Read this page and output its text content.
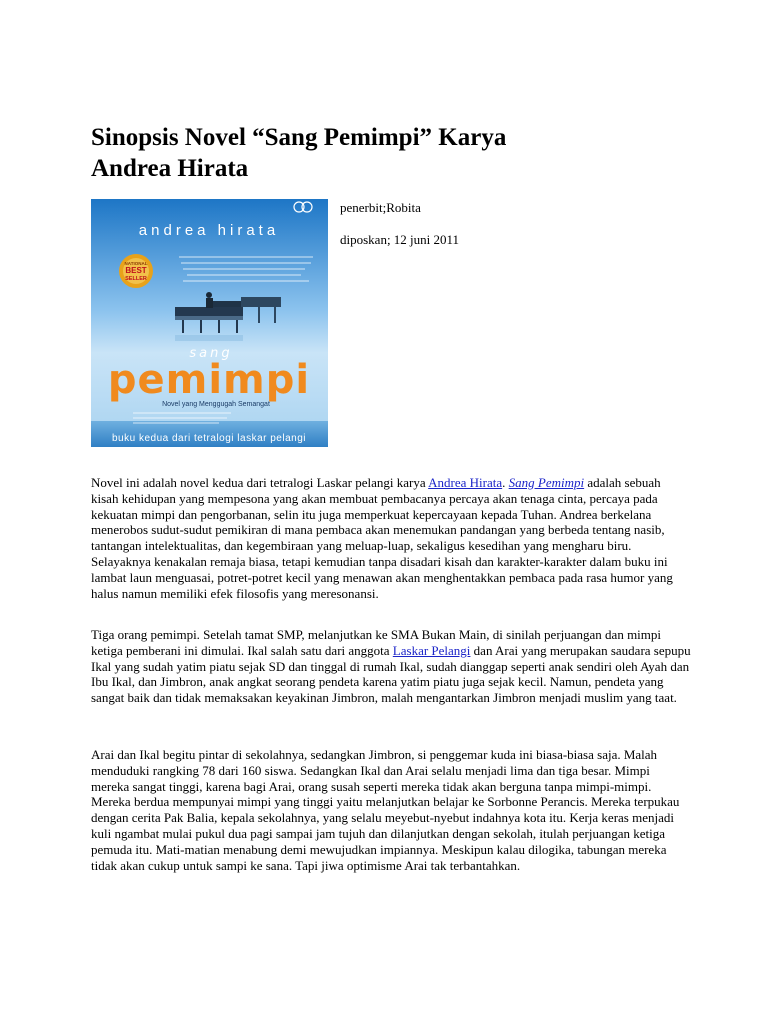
Sinopsis Novel “Sang Pemimpi” Karya
Andrea Hirata
andrea hirata
NATIONAL
BEST
SELLER
sang
pemimpi
Novel yang Menggugah Semangat
buku kedua dari tetralogi laskar pelangi
penerbit;Robita
diposkan; 12 juni 2011

Novel ini adalah novel kedua dari tetralogi Laskar pelangi karya Andrea Hirata. Sang Pemimpi adalah sebuah kisah kehidupan yang mempesona yang akan membuat pembacanya percaya akan tenaga cinta, percaya pada kekuatan mimpi dan pengorbanan, selin itu juga memperkuat kepercayaan kepada Tuhan. Andrea berkelana menerobos sudut-sudut pemikiran di mana pembaca akan menemukan pandangan yang berbeda tentang nasib, tantangan intelektualitas, dan kegembiraan yang meluap-luap, sekaligus kesedihan yang mengharu biru. Selayaknya kenakalan remaja biasa, tetapi kemudian tanpa disadari kisah dan karakter-karakter dalam buku ini lambat laun menguasai, potret-potret kecil yang menawan akan menghentakkan pembaca pada rasa humor yang halus namun memiliki efek filosofis yang meresonansi.

Tiga orang pemimpi. Setelah tamat SMP, melanjutkan ke SMA Bukan Main, di sinilah perjuangan dan mimpi ketiga pemberani ini dimulai. Ikal salah satu dari anggota Laskar Pelangi dan Arai yang merupakan saudara sepupu Ikal yang sudah yatim piatu sejak SD dan tinggal di rumah Ikal, sudah dianggap seperti anak sendiri oleh Ayah dan Ibu Ikal, dan Jimbron, anak angkat seorang pendeta karena yatim piatu juga sejak kecil. Namun, pendeta yang sangat baik dan tidak memaksakan keyakinan Jimbron, malah mengantarkan Jimbron menjadi muslim yang taat.

Arai dan Ikal begitu pintar di sekolahnya, sedangkan Jimbron, si penggemar kuda ini biasa-biasa saja. Malah menduduki rangking 78 dari 160 siswa. Sedangkan Ikal dan Arai selalu menjadi lima dan tiga besar. Mimpi mereka sangat tinggi, karena bagi Arai, orang susah seperti mereka tidak akan berguna tanpa mimpi-mimpi. Mereka berdua mempunyai mimpi yang tinggi yaitu melanjutkan belajar ke Sorbonne Perancis. Mereka terpukau dengan cerita Pak Balia, kepala sekolahnya, yang selalu meyebut-nyebut indahnya kota itu. Kerja keras menjadi kuli ngambat mulai pukul dua pagi sampai jam tujuh dan dilanjutkan dengan sekolah, itulah perjuangan ketiga pemuda itu. Mati-matian menabung demi mewujudkan impiannya. Meskipun kalau dilogika, tabungan mereka tidak akan cukup untuk sampi ke sana. Tapi jiwa optimisme Arai tak terbantahkan.
